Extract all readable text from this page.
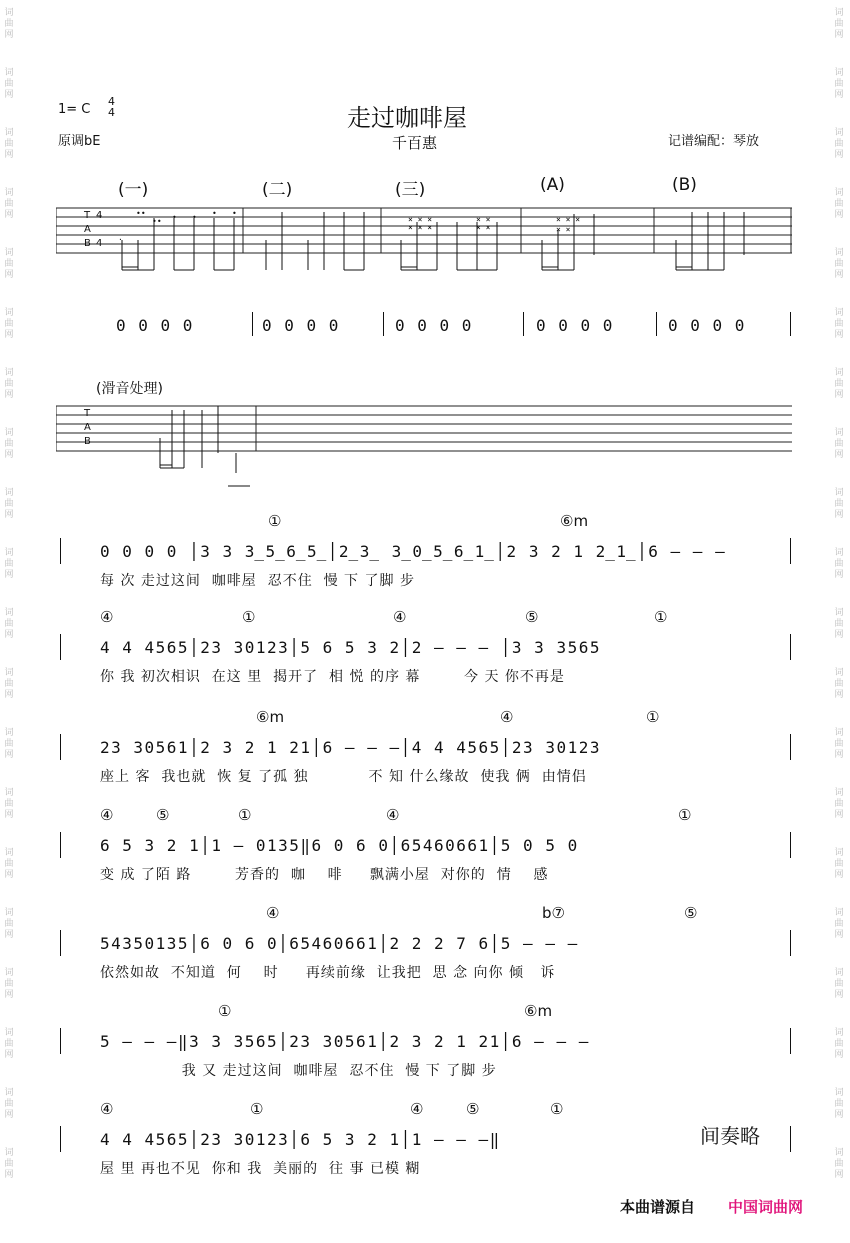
词
曲
网
词
曲
网
词
曲
网
词
曲
网
词
曲
网
词
曲
网
词
曲
网
词
曲
网
词
曲
网
词
曲
网
词
曲
网
词
曲
网
词
曲
网
词
曲
网
词
曲
网
词
曲
网
词
曲
网
词
曲
网
词
曲
网
词
曲
网
词
曲
网
词
曲
网
词
曲
网
词
曲
网
词
曲
网
词
曲
网
词
曲
网
词
曲
网
词
曲
网
词
曲
网
词
曲
网
词
曲
网
词
曲
网
词
曲
网
词
曲
网
词
曲
网
词
曲
网
词
曲
网
词
曲
网
词
曲
网
1= C
4
4
原调bE
走过咖啡屋
千百惠	记谱编配：琴放
(一)	(二)	(三)	(A)	(B)
T
A
B
4
4 ·
••
•• • • • •
× × ×
× × ×
× ×
× ×
× × ×
× ×
0 0 0 0	0 0 0 0	0 0 0 0	0 0 0 0	0 0 0 0
(滑音处理)
T
A
B
①	⑥m
0 0 0 0 │3 3 3̲5̲6̲5̲│2̲3̲ 3̲0̲5̲6̲1̲│2 3 2 1 2̲1̲│6 — — —
每 次 走过这间  咖啡屋  忍不住  慢 下 了脚 步
④	①	④	⑤	①
4 4 4565│23 30123│5 6 5 3 2│2 — — — │3 3 3565
你 我 初次相识  在这 里  揭开了  相 悦 的序 幕        今 天 你不再是
⑥m	④	①
23 30561│2 3 2 1 21│6 — — —│4 4 4565│23 30123
座上 客  我也就  恢 复 了孤 独           不 知 什么缘故  使我 俩  由情侣
④	⑤	①	④	①
6 5 3 2 1│1 — 0135‖6 0 6 0│65460661│5 0 5 0
变 成 了陌 路        芳香的  咖    啡     飘满小屋  对你的  情    感
④	b⑦	⑤
54350135│6 0 6 0│65460661│2 2 2 7 6│5 — — —
依然如故  不知道  何    时     再续前缘  让我把  思 念 向你 倾   诉
①	⑥m
5 — — —‖3 3 3565│23 30561│2 3 2 1 21│6 — — —
我 又 走过这间  咖啡屋  忍不住  慢 下 了脚 步
④	①	④	⑤	①
4 4 4565│23 30123│6 5 3 2 1│1 — — —‖
屋 里 再也不见  你和 我  美丽的  往 事 已模 糊
间奏略
本曲谱源自 中国词曲网
